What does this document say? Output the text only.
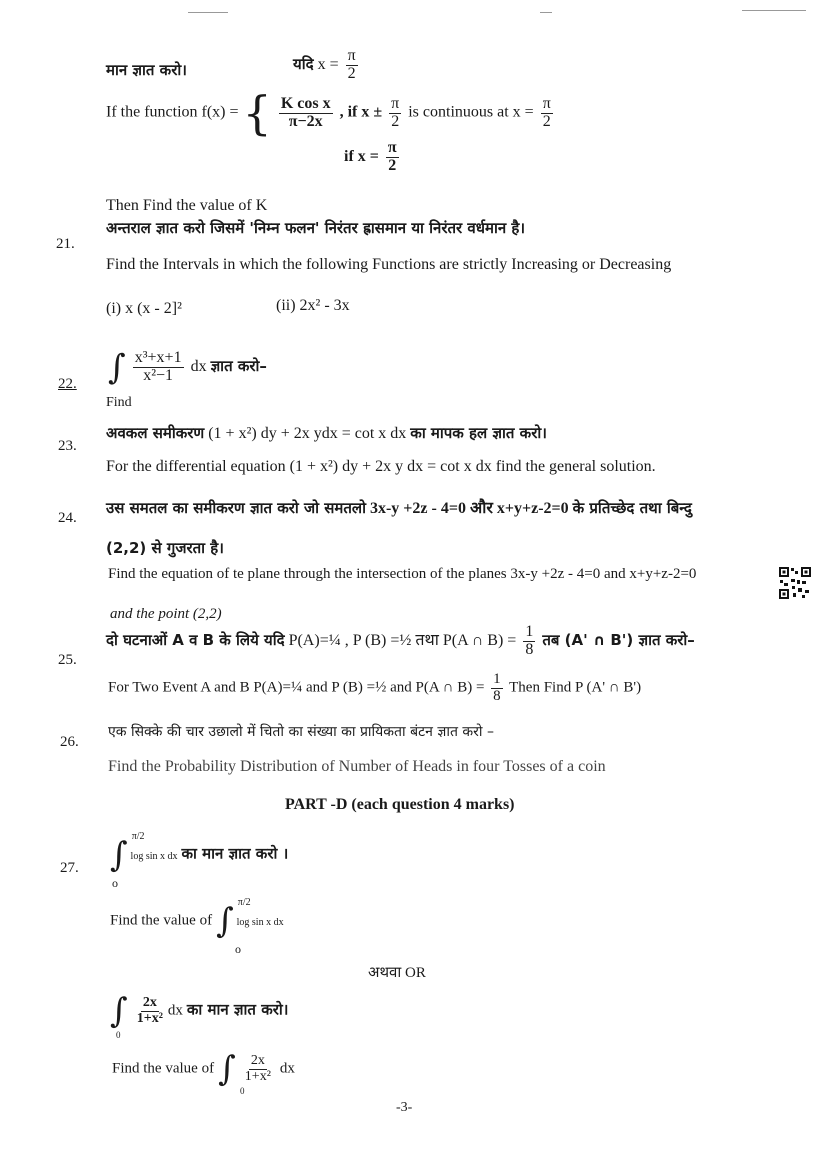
मान ज्ञात करो।	यदि $x = \frac{\pi}{2}$
If the function f(x) = { $\frac{\text{K cos x}}{\pi-2x}$ , if $x \pm \frac{\pi}{2}$ is continuous at $x = \frac{\pi}{2}$
if $x = \frac{\pi}{2}$
Then Find the value of K
21.
अन्तराल ज्ञात करो जिसमें 'निम्न फलन' निरंतर ह्रासमान या निरंतर वर्धमान है।
Find the Intervals in which the following Functions are strictly Increasing or Decreasing
(i) x (x - 2]²	(ii) 2x² - 3x
22. ∫ $\frac{\text{x³+x+1}}{\text{x²−1}}$ dx ज्ञात करो–
Find
23.
अवकल समीकरण (1 + x²) dy + 2x ydx = cot x dx का मापक हल ज्ञात करो।
For the differential equation (1 + x²) dy + 2x y dx = cot x dx find the general solution.
24.
उस समतल का समीकरण ज्ञात करो जो समतलो 3x-y +2z - 4=0 और x+y+z-2=0 के प्रतिच्छेद तथा बिन्दु
(2,2) से गुजरता है।
Find the equation of te plane through the intersection of the planes 3x-y +2z - 4=0 and x+y+z-2=0
and the point (2,2)
25.
दो घटनाओं A व B के लिये यदि P(A)=¼ , P (B) =½ तथा P(A ∩ $B) = \frac{1}{8}$ तब (A' ∩ B') ज्ञात करो–
For Two Event A and B P(A)=¼ and P (B) =½ and P(A ∩ $B) = \frac{1}{8}$ Then Find P (A' ∩ B')
26.
एक सिक्के की चार उछालो में चितो का संख्या का प्रायिकता बंटन ज्ञात करो –
Find the Probability Distribution of Number of Heads in four Tosses of a coin
PART -D (each question 4 marks)
27. ∫ $^{\pi/2}$ log sin x dx का मान ज्ञात करो ।
o
Find the value of ∫ $^{\pi/2}$ log sin x dx
o
अथवा OR
∫ $\frac{2x}{\text{1+x²}}$ dx का मान ज्ञात करो।
0
Find the value of ∫ $\frac{2x}{\text{1+x²}}$ dx
0
-3-
